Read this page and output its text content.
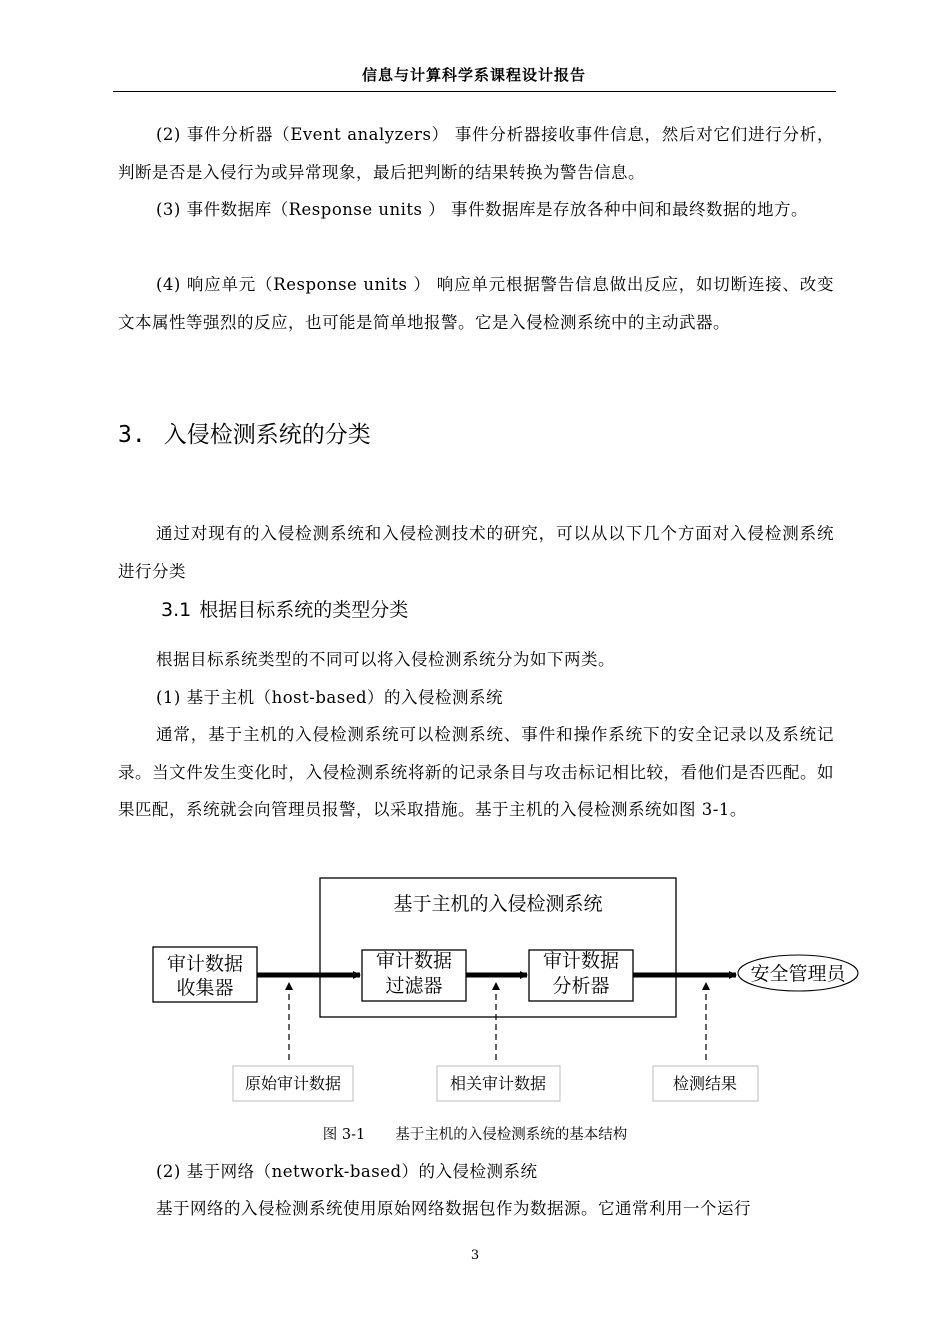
信息与计算科学系课程设计报告

(2) 事件分析器（Event analyzers） 事件分析器接收事件信息，然后对它们进行分析，判断是否是入侵行为或异常现象，最后把判断的结果转换为警告信息。

(3) 事件数据库（Response units ） 事件数据库是存放各种中间和最终数据的地方。

(4) 响应单元（Response units ） 响应单元根据警告信息做出反应，如切断连接、改变文本属性等强烈的反应，也可能是简单地报警。它是入侵检测系统中的主动武器。

3. 入侵检测系统的分类

通过对现有的入侵检测系统和入侵检测技术的研究，可以从以下几个方面对入侵检测系统进行分类

3.1 根据目标系统的类型分类

根据目标系统类型的不同可以将入侵检测系统分为如下两类。

(1) 基于主机（host-based）的入侵检测系统

通常，基于主机的入侵检测系统可以检测系统、事件和操作系统下的安全记录以及系统记录。当文件发生变化时，入侵检测系统将新的记录条目与攻击标记相比较，看他们是否匹配。如果匹配，系统就会向管理员报警，以采取措施。基于主机的入侵检测系统如图 3-1。

基于主机的入侵检测系统
审计数据
收集器
审计数据
过滤器
审计数据
分析器
安全管理员
原始审计数据	相关审计数据	检测结果
图 3-1 基于主机的入侵检测系统的基本结构

(2) 基于网络（network-based）的入侵检测系统

基于网络的入侵检测系统使用原始网络数据包作为数据源。它通常利用一个运行

3
